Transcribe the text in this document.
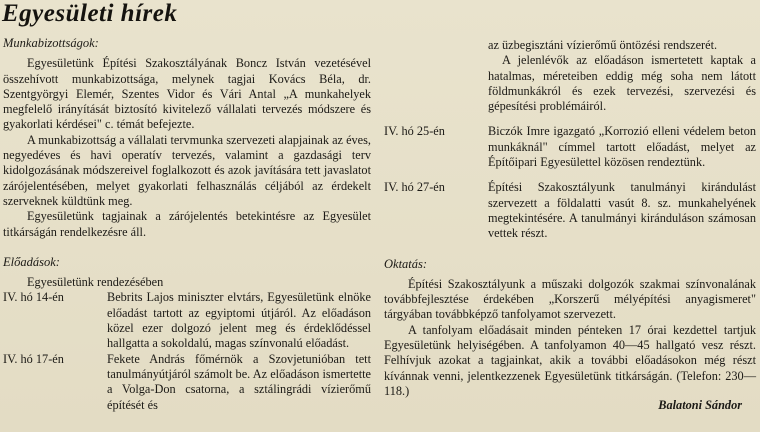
Egyesületi hírek
Munkabizottságok:

Egyesületünk Építési Szakosztályának Boncz István vezetésével összehívott munkabizottsága, melynek tagjai Kovács Béla, dr. Szentgyörgyi Elemér, Szentes Vidor és Vári Antal „A munkahelyek megfelelő irányítását biztosító kivitelező vállalati tervezés módszere és gyakorlati kérdései" c. témát befejezte.

A munkabizottság a vállalati tervmunka szervezeti alapjainak az éves, negyedéves és havi operatív tervezés, valamint a gazdasági terv kidolgozásának módszereivel foglalkozott és azok javítására tett javaslatot zárójelentésében, melyet gyakorlati felhasználás céljából az érdekelt szerveknek küldtünk meg.

Egyesületünk tagjainak a zárójelentés betekintésre az Egyesület titkárságán rendelkezésre áll.

Előadások:

Egyesületünk rendezésében

IV. hó 14-én	Bebrits Lajos miniszter elvtárs, Egyesületünk elnöke előadást tartott az egyiptomi útjáról. Az előadáson közel ezer dolgozó jelent meg és érdeklődéssel hallgatta a sokoldalú, magas színvonalú előadást.
IV. hó 17-én	Fekete András főmérnök a Szovjetunióban tett tanulmányútjáról számolt be. Az előadáson ismertette a Volga-Don csatorna, a sztálingrádi vízierőmű építését és
az üzbegisztáni vízierőmű öntözési rendszerét.
A jelenlévők az előadáson ismertetett kaptak a hatalmas, méreteiben eddig még soha nem látott földmunkákról és ezek tervezési, szervezési és gépesítési problémáiról.
IV. hó 25-én	Biczók Imre igazgató „Korrozió elleni védelem beton munkáknál" címmel tartott előadást, melyet az Építőipari Egyesülettel közösen rendeztünk.
IV. hó 27-én	Építési Szakosztályunk tanulmányi kirándulást szervezett a földalatti vasút 8. sz. munkahelyének megtekintésére. A tanulmányi kiránduláson számosan vettek részt.
Oktatás:

Építési Szakosztályunk a műszaki dolgozók szakmai színvonalának továbbfejlesztése érdekében „Korszerű mélyépítési anyagismeret" tárgyában továbbképző tanfolyamot szervezett.

A tanfolyam előadásait minden pénteken 17 órai kezdettel tartjuk Egyesületünk helyiségében. A tanfolyamon 40—45 hallgató vesz részt. Felhívjuk azokat a tagjainkat, akik a további előadásokon még részt kívánnak venni, jelentkezzenek Egyesületünk titkárságán. (Telefon: 230—118.)

Balatoni Sándor
